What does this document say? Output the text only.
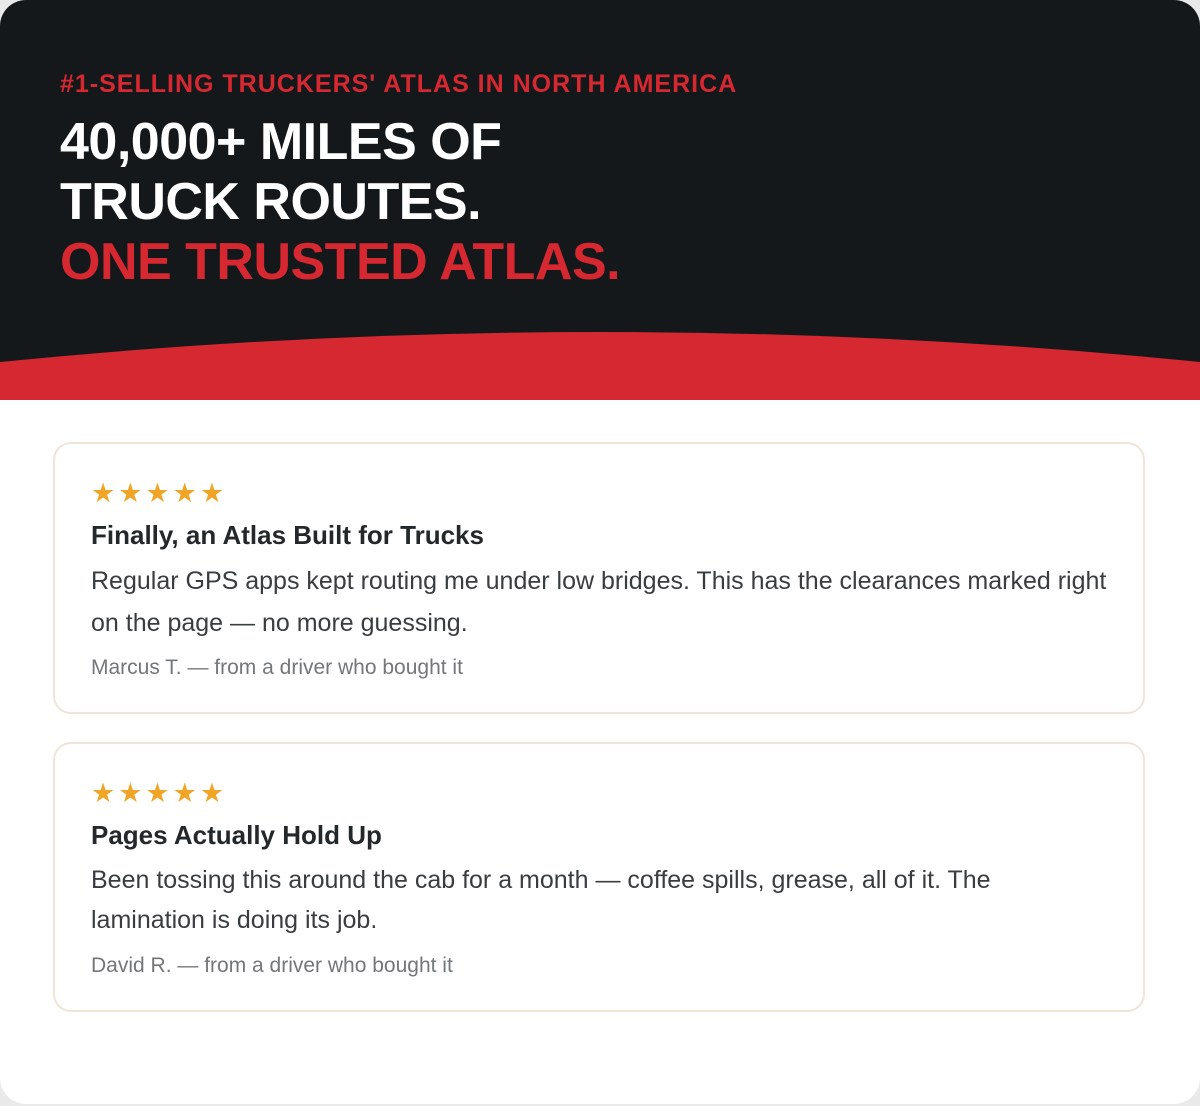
#1-SELLING TRUCKERS' ATLAS IN NORTH AMERICA
40,000+ MILES OF
TRUCK ROUTES.
ONE TRUSTED ATLAS.
★★★★★
Finally, an Atlas Built for Trucks
Regular GPS apps kept routing me under low bridges. This has the clearances marked right on the page — no more guessing.
Marcus T. — from a driver who bought it
★★★★★
Pages Actually Hold Up
Been tossing this around the cab for a month — coffee spills, grease, all of it. The lamination is doing its job.
David R. — from a driver who bought it
